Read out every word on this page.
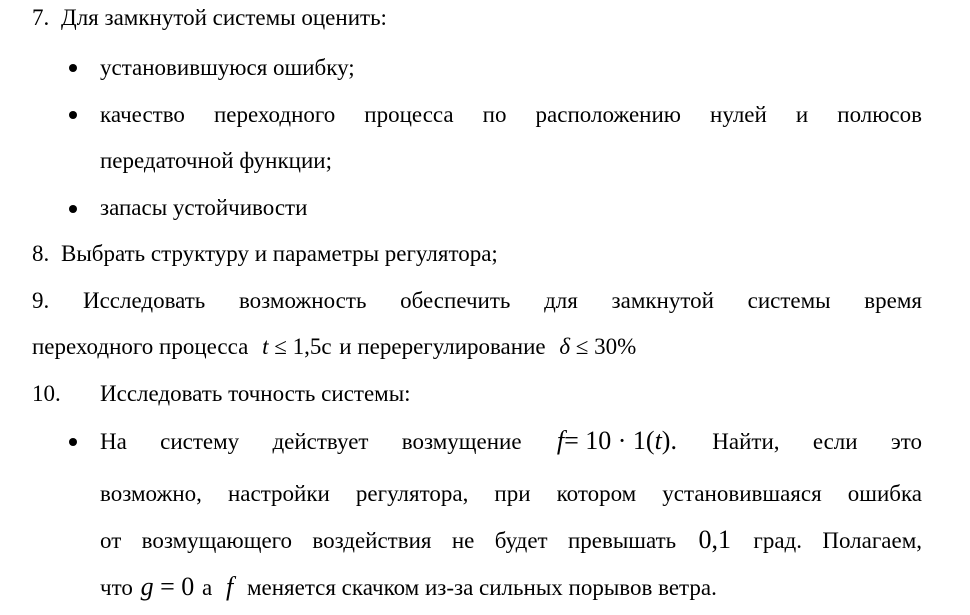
7. Для замкнутой системы оценить:
установившуюся ошибку;
качество переходного процесса по расположению нулей и полюсов
передаточной функции;
запасы устойчивости
8. Выбрать структуру и параметры регулятора;
9. Исследовать возможность обеспечить для замкнутой системы время
переходного процесса t ≤ 1,5с и перерегулирование δ ≤ 30%
10. Исследовать точность системы:
На систему действует возмущение f= 10 · 1(t). Найти, если это
возможно, настройки регулятора, при котором установившаяся ошибка
от возмущающего воздействия не будет превышать 0,1 град. Полагаем,
что g = 0 а f меняется скачком из-за сильных порывов ветра.
